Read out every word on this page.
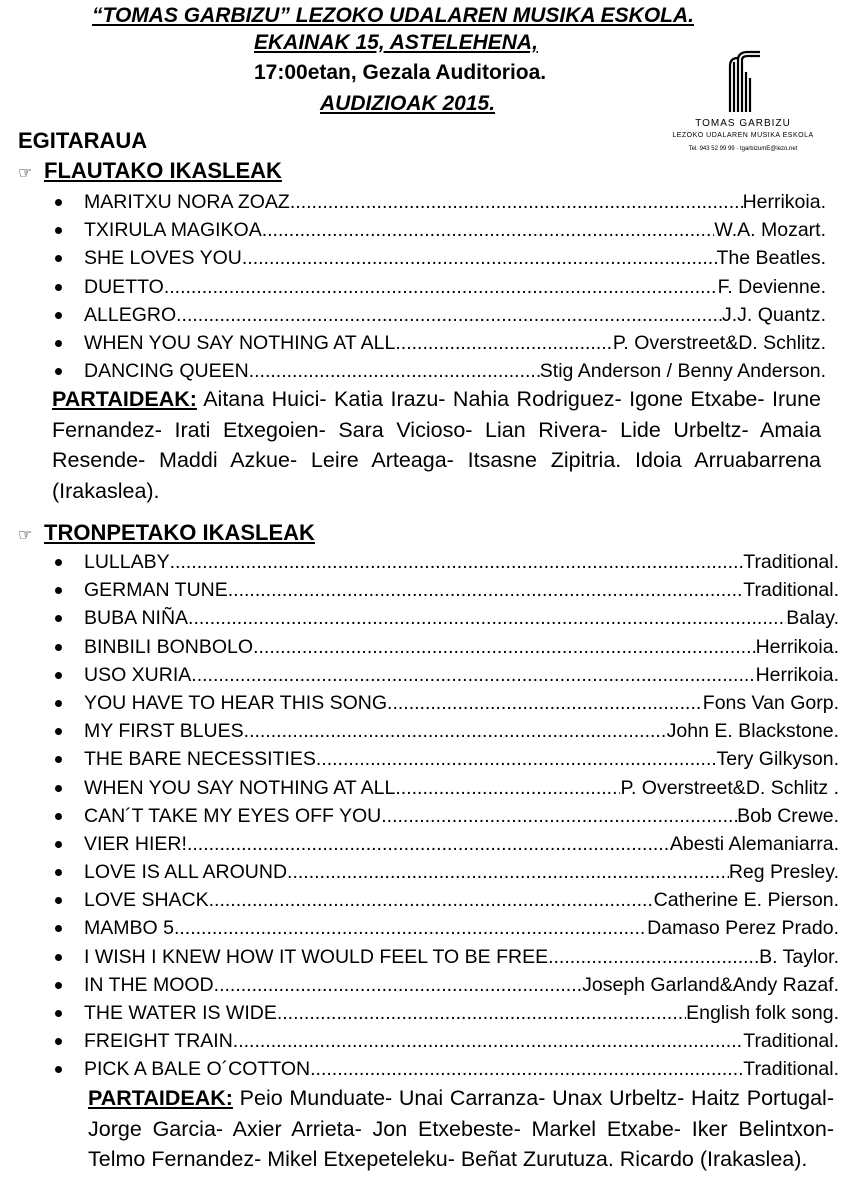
“TOMAS GARBIZU” LEZOKO UDALAREN MUSIKA ESKOLA.
EKAINAK 15, ASTELEHENA,
17:00etan, Gezala Auditorioa.
AUDIZIOAK 2015.
TOMAS GARBIZU
LEZOKO UDALAREN MUSIKA ESKOLA
Tel. 943 52 99 99 · tgarbizumE@lezo.net
EGITARAUA
☞ FLAUTAKO IKASLEAK
MARITXU NORA ZOAZ .....	Herrikoia.
TXIRULA MAGIKOA .....	W.A. Mozart.
SHE LOVES YOU .....	The Beatles.
DUETTO .....	F. Devienne.
ALLEGRO .....	J.J. Quantz.
WHEN YOU SAY NOTHING AT ALL .....	P. Overstreet&D. Schlitz.
DANCING QUEEN .....	Stig Anderson / Benny Anderson.
PARTAIDEAK: Aitana Huici- Katia Irazu- Nahia Rodriguez- Igone Etxabe- Irune Fernandez- Irati Etxegoien- Sara Vicioso- Lian Rivera- Lide Urbeltz- Amaia Resende- Maddi Azkue- Leire Arteaga- Itsasne Zipitria. Idoia Arruabarrena (Irakaslea).
☞ TRONPETAKO IKASLEAK
LULLABY .....	Traditional.
GERMAN TUNE .....	Traditional.
BUBA NIÑA .....	Balay.
BINBILI BONBOLO .....	Herrikoia.
USO XURIA .....	Herrikoia.
YOU HAVE TO HEAR THIS SONG .....	Fons Van Gorp.
MY FIRST BLUES .....	John E. Blackstone.
THE BARE NECESSITIES .....	Tery Gilkyson.
WHEN YOU SAY NOTHING AT ALL .....	P. Overstreet&D. Schlitz .
CAN´T TAKE MY EYES OFF YOU .....	Bob Crewe.
VIER HIER! .....	Abesti Alemaniarra.
LOVE IS ALL AROUND .....	Reg Presley.
LOVE SHACK .....	Catherine E. Pierson.
MAMBO 5 .....	Damaso Perez Prado.
I WISH I KNEW HOW IT WOULD FEEL TO BE FREE .....	B. Taylor.
IN THE MOOD .....	Joseph Garland&Andy Razaf.
THE WATER IS WIDE .....	English folk song.
FREIGHT TRAIN .....	Traditional.
PICK A BALE O´COTTON .....	Traditional.
PARTAIDEAK: Peio Munduate- Unai Carranza- Unax Urbeltz- Haitz Portugal- Jorge Garcia- Axier Arrieta- Jon Etxebeste- Markel Etxabe- Iker Belintxon- Telmo Fernandez- Mikel Etxepeteleku- Beñat Zurutuza. Ricardo (Irakaslea).
